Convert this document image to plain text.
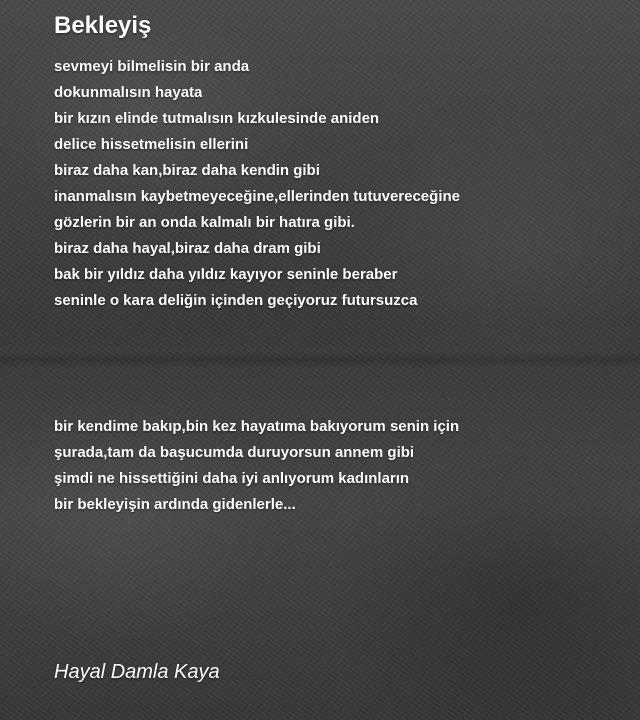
Bekleyiş
sevmeyi bilmelisin bir anda
dokunmalısın hayata
bir kızın elinde tutmalısın kızkulesinde aniden
delice hissetmelisin ellerini
biraz daha kan,biraz daha kendin gibi
inanmalısın kaybetmeyeceğine,ellerinden tutuvereceğine
gözlerin bir an onda kalmalı bir hatıra gibi.
biraz daha hayal,biraz daha dram gibi
bak bir yıldız daha yıldız kayıyor seninle beraber
seninle o kara deliğin içinden geçiyoruz futursuzca
bir kendime bakıp,bin kez hayatıma bakıyorum senin için
şurada,tam da başucumda duruyorsun annem gibi
şimdi ne hissettiğini daha iyi anlıyorum kadınların
bir bekleyişin ardında gidenlerle...
Hayal Damla Kaya
